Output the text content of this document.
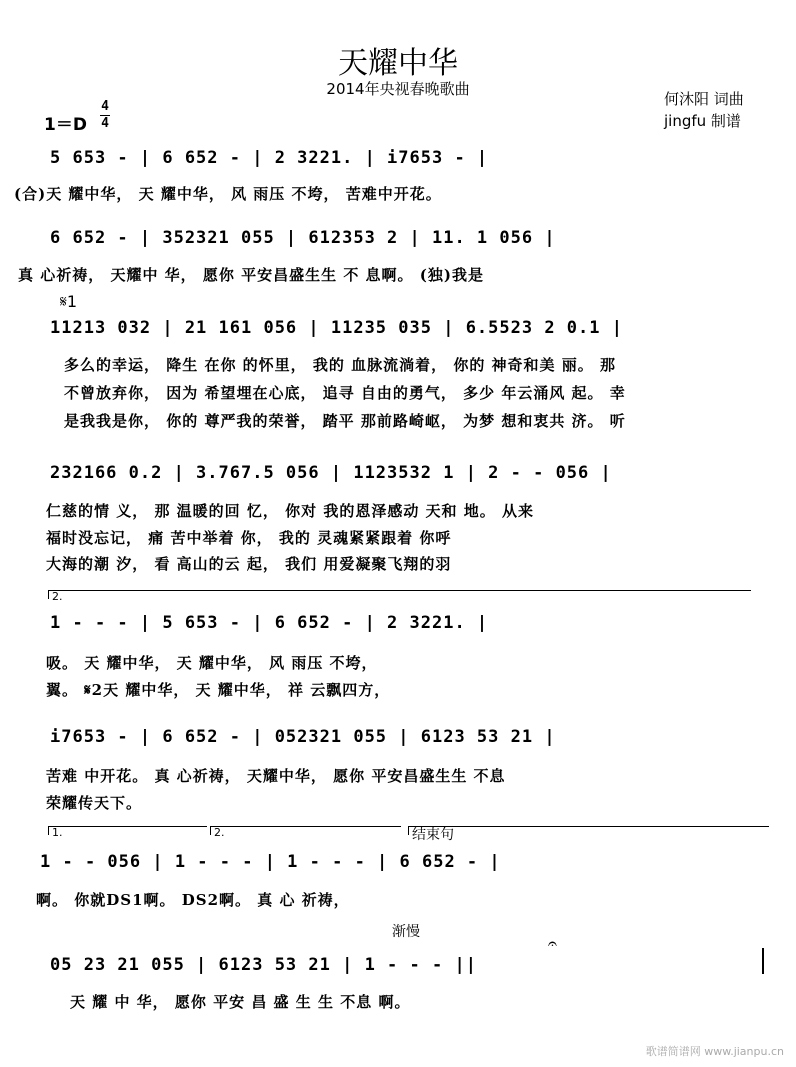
天耀中华
2014年央视春晚歌曲
何沐阳 词曲
jingfu 制谱
1＝D
4
4
5 653 - | 6 652 - | 2 3221. | i7653 - |
(合)天 耀中华， 天 耀中华， 风 雨压 不垮， 苦难中开花。
6 652 - | 352321 055 | 612353 2 | 11. 1 056 |
真 心祈祷， 天耀中 华， 愿你 平安昌盛生生 不 息啊。 (独)我是
𝄋1
11213 032 | 21 161 056 | 11235 035 | 6.5523 2 0.1 |
多么的幸运， 降生 在你 的怀里， 我的 血脉流淌着， 你的 神奇和美 丽。 那
不曾放弃你， 因为 希望埋在心底， 追寻 自由的勇气， 多少 年云涌风 起。 幸
是我我是你， 你的 尊严我的荣誉， 踏平 那前路崎岖， 为梦 想和衷共 济。 听
232166 0.2 | 3.767.5 056 | 1123532 1 | 2 - - 056 |
仁慈的情 义， 那 温暖的回 忆， 你对 我的恩泽感动 天和 地。 从来
福时没忘记， 痛 苦中举着 你， 我的 灵魂紧紧跟着 你呼
大海的潮 汐， 看 高山的云 起， 我们 用爱凝聚飞翔的羽
2.
1 - - - | 5 653 - | 6 652 - | 2 3221. |
吸。 天 耀中华， 天 耀中华， 风 雨压 不垮，
翼。 𝄋2天 耀中华， 天 耀中华， 祥 云飘四方，
i7653 - | 6 652 - | 052321 055 | 6123 53 21 |
苦难 中开花。 真 心祈祷， 天耀中华， 愿你 平安昌盛生生 不息
荣耀传天下。
1.	2.	结束句
1 - - 056 | 1 - - - | 1 - - - | 6 652 - |
啊。 你就DS1啊。 DS2啊。 真 心 祈祷，
渐慢
05 23 21 055 | 6123 53 21 | 1 - - - ||
天 耀 中 华， 愿你 平安 昌 盛 生 生 不息 啊。
𝄐
歌谱简谱网 www.jianpu.cn
